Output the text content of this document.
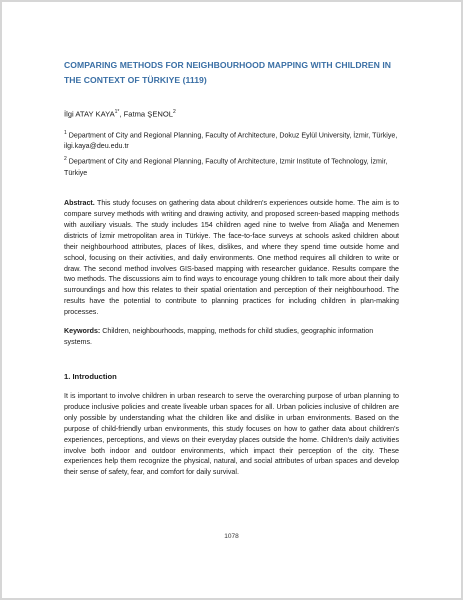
COMPARING METHODS FOR NEIGHBOURHOOD MAPPING WITH CHILDREN IN THE CONTEXT OF TÜRKIYE (1119)
İlgi ATAY $KAYA^{1*}$, Fatma ŞENOL$^2$

$^1$ Department of City and Regional Planning, Faculty of Architecture, Dokuz Eylül University, İzmir, Türkiye, ilgi.kaya@deu.edu.tr

$^2$ Department of City and Regional Planning, Faculty of Architecture, Izmir Institute of Technology, İzmir, Türkiye

Abstract. This study focuses on gathering data about children's experiences outside home. The aim is to compare survey methods with writing and drawing activity, and proposed screen-based mapping methods with auxiliary visuals. The study includes 154 children aged nine to twelve from Aliağa and Menemen districts of İzmir metropolitan area in Türkiye. The face-to-face surveys at schools asked children about their neighbourhood attributes, places of likes, dislikes, and where they spend time outside home and school, focusing on their activities, and daily environments. One method requires all children to write or draw. The second method involves GIS-based mapping with researcher guidance. Results compare the two methods. The discussions aim to find ways to encourage young children to talk more about their daily surroundings and how this relates to their spatial orientation and perception of their neighbourhood. The results have the potential to contribute to planning practices for including children in plan-making processes.

Keywords: Children, neighbourhoods, mapping, methods for child studies, geographic information systems.

1. Introduction

It is important to involve children in urban research to serve the overarching purpose of urban planning to produce inclusive policies and create liveable urban spaces for all. Urban policies inclusive of children are only possible by understanding what the children like and dislike in urban environments. Based on the purpose of child-friendly urban environments, this study focuses on how to gather data about children's experiences, perceptions, and views on their everyday places outside the home. Children's daily activities involve both indoor and outdoor environments, which impact their perception of the city. These experiences help them recognize the physical, natural, and social attributes of urban spaces and develop their sense of safety, fear, and comfort for daily survival.

1078
